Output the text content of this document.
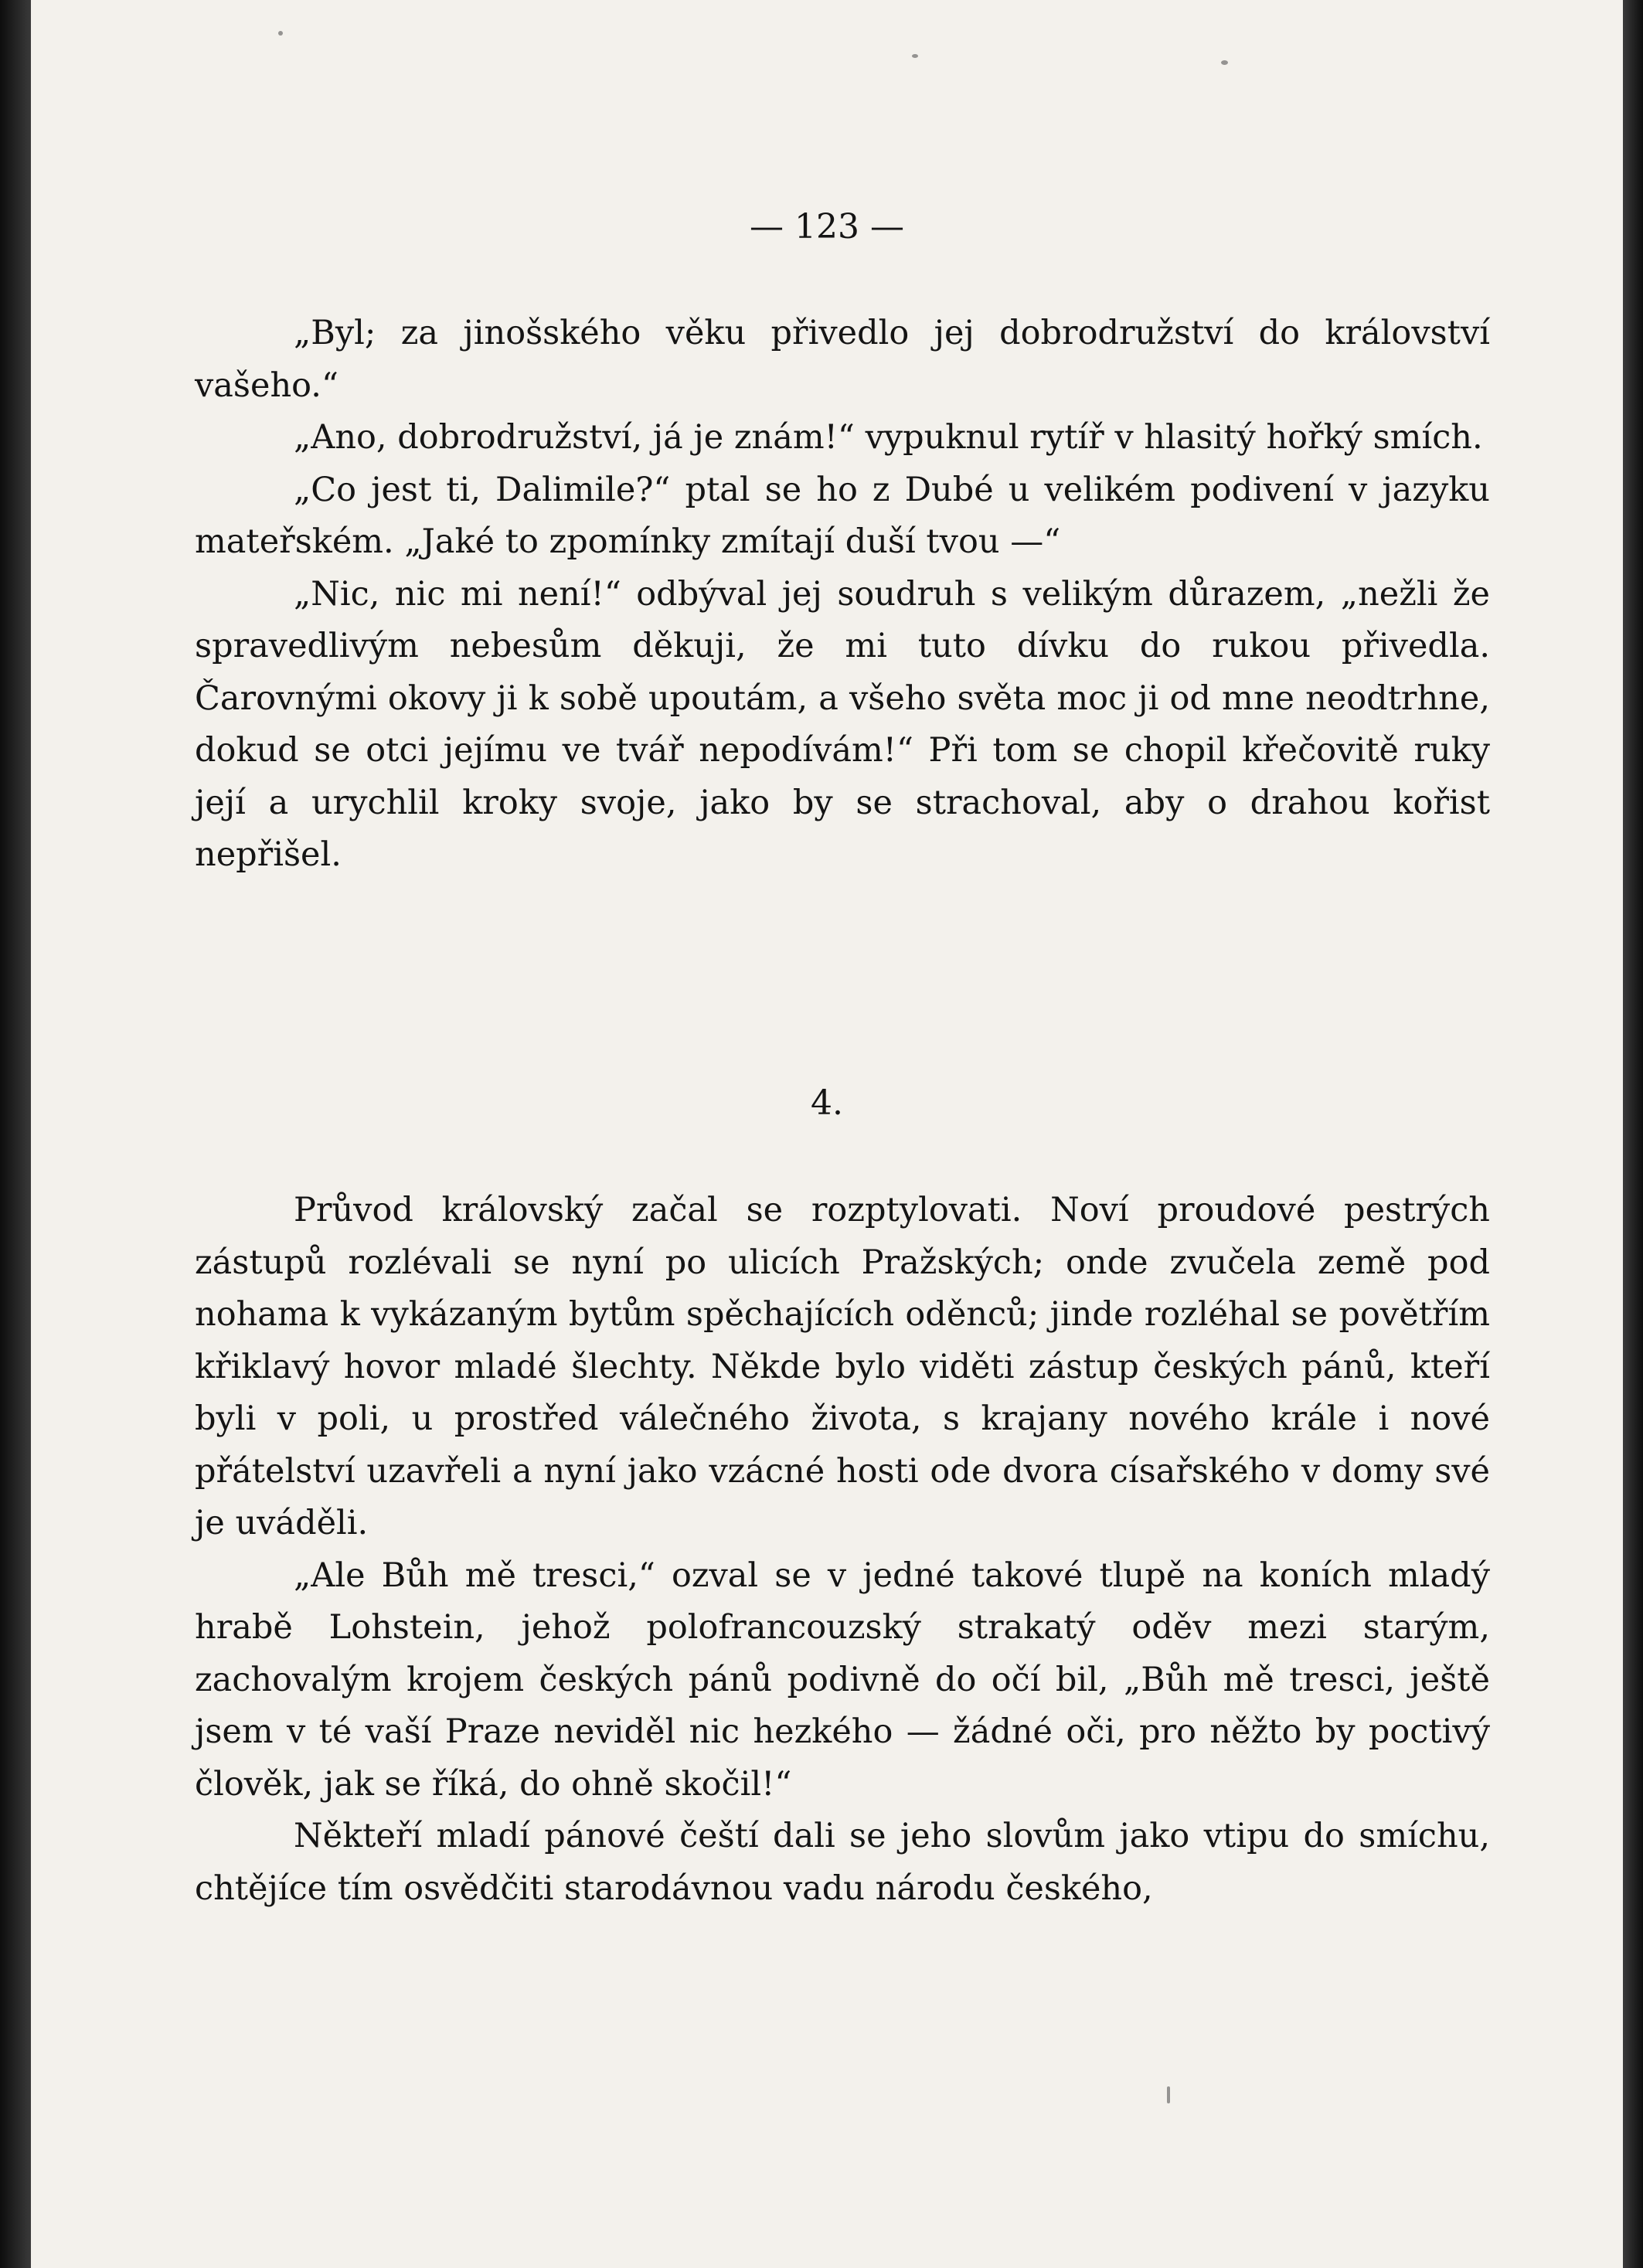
— 123 —

„Byl; za jinošského věku přivedlo jej dobrodružství do království vašeho.“

„Ano, dobrodružství, já je znám!“ vypuknul rytíř v hlasitý hořký smích.

„Co jest ti, Dalimile?“ ptal se ho z Dubé u velikém podivení v jazyku mateřském. „Jaké to zpomínky zmítají duší tvou —“

„Nic, nic mi není!“ odbýval jej soudruh s velikým důrazem, „nežli že spravedlivým nebesům děkuji, že mi tuto dívku do rukou přivedla. Čarovnými okovy ji k sobě upoutám, a všeho světa moc ji od mne neodtrhne, dokud se otci jejímu ve tvář nepodívám!“ Při tom se chopil křečovitě ruky její a urychlil kroky svoje, jako by se strachoval, aby o drahou kořist nepřišel.

4.

Průvod královský začal se rozptylovati. Noví proudové pestrých zástupů rozlévali se nyní po ulicích Pražských; onde zvučela země pod nohama k vykázaným bytům spěchajících oděnců; jinde rozléhal se povětřím křiklavý hovor mladé šlechty. Někde bylo viděti zástup českých pánů, kteří byli v poli, u prostřed válečného života, s krajany nového krále i nové přátelství uzavřeli a nyní jako vzácné hosti ode dvora císařského v domy své je uváděli.

„Ale Bůh mě tresci,“ ozval se v jedné takové tlupě na koních mladý hrabě Lohstein, jehož polofrancouzský strakatý oděv mezi starým, zachovalým krojem českých pánů podivně do očí bil, „Bůh mě tresci, ještě jsem v té vaší Praze neviděl nic hezkého — žádné oči, pro něžto by poctivý člověk, jak se říká, do ohně skočil!“

Někteří mladí pánové čeští dali se jeho slovům jako vtipu do smíchu, chtějíce tím osvědčiti starodávnou vadu národu českého,
